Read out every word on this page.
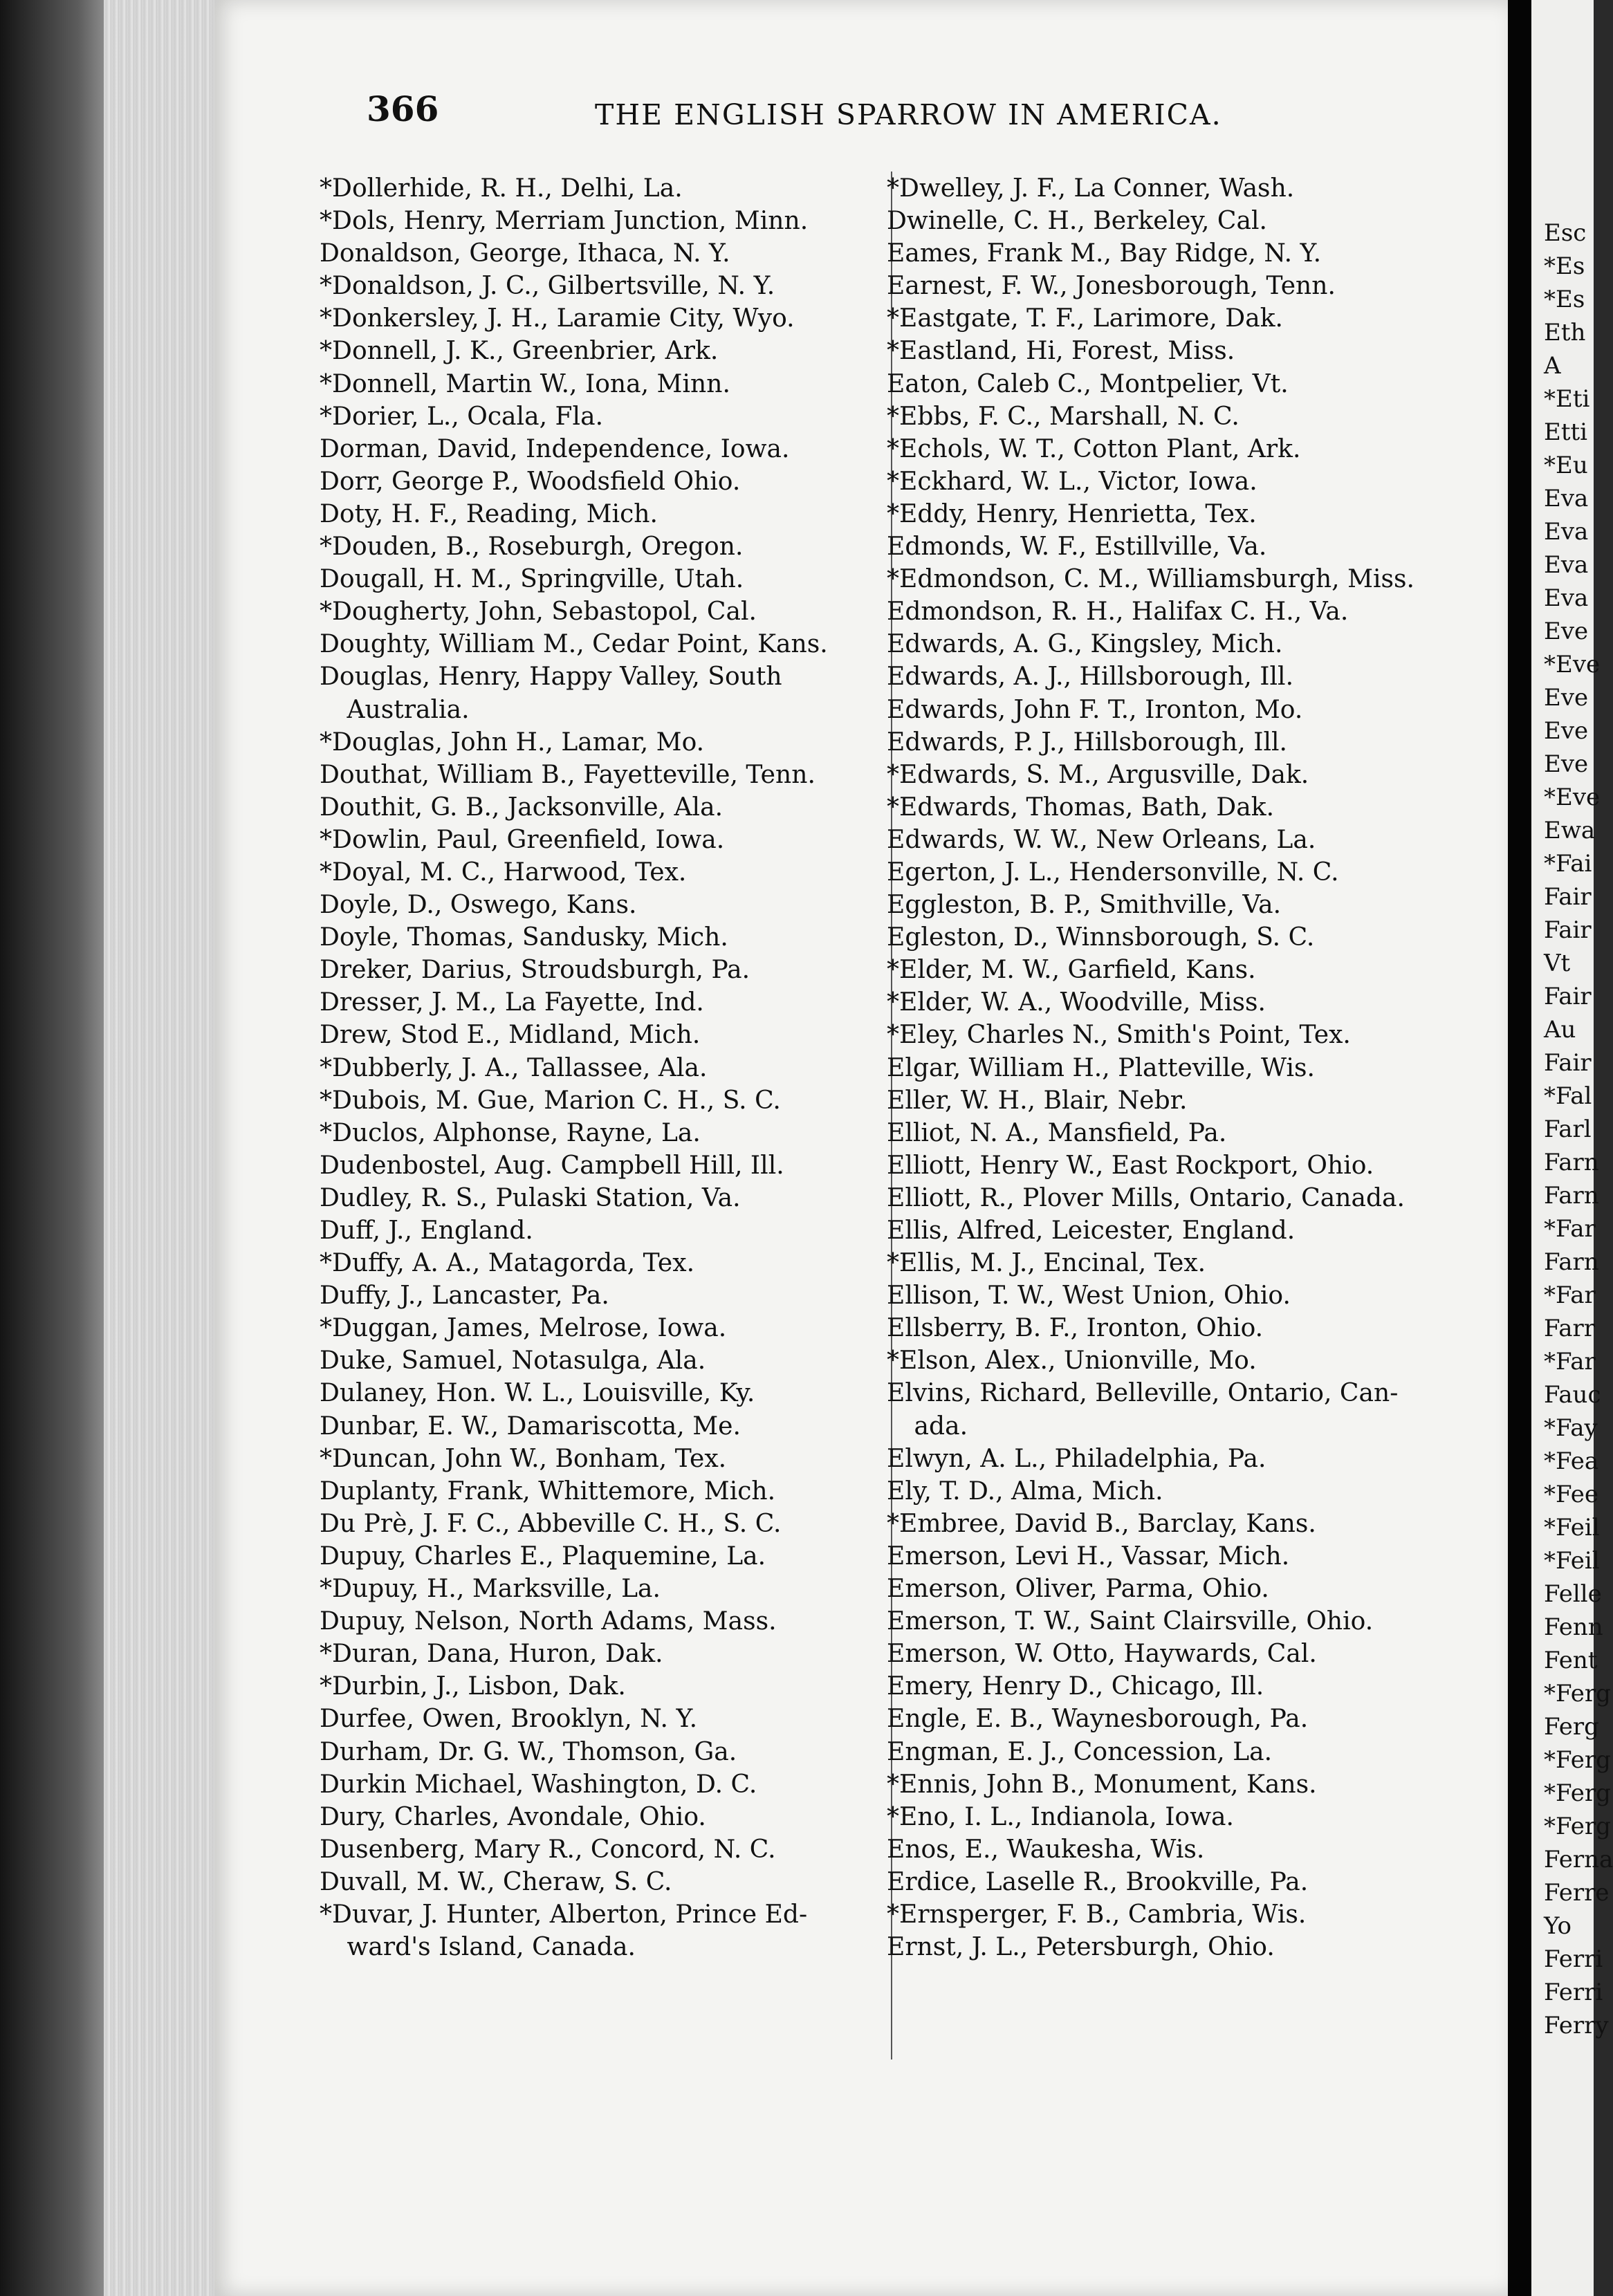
366	THE ENGLISH SPARROW IN AMERICA.
*Dollerhide, R. H., Delhi, La.
*Dols, Henry, Merriam Junction, Minn.
Donaldson, George, Ithaca, N. Y.
*Donaldson, J. C., Gilbertsville, N. Y.
*Donkersley, J. H., Laramie City, Wyo.
*Donnell, J. K., Greenbrier, Ark.
*Donnell, Martin W., Iona, Minn.
*Dorier, L., Ocala, Fla.
Dorman, David, Independence, Iowa.
Dorr, George P., Woodsfield Ohio.
Doty, H. F., Reading, Mich.
*Douden, B., Roseburgh, Oregon.
Dougall, H. M., Springville, Utah.
*Dougherty, John, Sebastopol, Cal.
Doughty, William M., Cedar Point, Kans.
Douglas, Henry, Happy Valley, South
Australia.
*Douglas, John H., Lamar, Mo.
Douthat, William B., Fayetteville, Tenn.
Douthit, G. B., Jacksonville, Ala.
*Dowlin, Paul, Greenfield, Iowa.
*Doyal, M. C., Harwood, Tex.
Doyle, D., Oswego, Kans.
Doyle, Thomas, Sandusky, Mich.
Dreker, Darius, Stroudsburgh, Pa.
Dresser, J. M., La Fayette, Ind.
Drew, Stod E., Midland, Mich.
*Dubberly, J. A., Tallassee, Ala.
*Dubois, M. Gue, Marion C. H., S. C.
*Duclos, Alphonse, Rayne, La.
Dudenbostel, Aug. Campbell Hill, Ill.
Dudley, R. S., Pulaski Station, Va.
Duff, J., England.
*Duffy, A. A., Matagorda, Tex.
Duffy, J., Lancaster, Pa.
*Duggan, James, Melrose, Iowa.
Duke, Samuel, Notasulga, Ala.
Dulaney, Hon. W. L., Louisville, Ky.
Dunbar, E. W., Damariscotta, Me.
*Duncan, John W., Bonham, Tex.
Duplanty, Frank, Whittemore, Mich.
Du Prè, J. F. C., Abbeville C. H., S. C.
Dupuy, Charles E., Plaquemine, La.
*Dupuy, H., Marksville, La.
Dupuy, Nelson, North Adams, Mass.
*Duran, Dana, Huron, Dak.
*Durbin, J., Lisbon, Dak.
Durfee, Owen, Brooklyn, N. Y.
Durham, Dr. G. W., Thomson, Ga.
Durkin Michael, Washington, D. C.
Dury, Charles, Avondale, Ohio.
Dusenberg, Mary R., Concord, N. C.
Duvall, M. W., Cheraw, S. C.
*Duvar, J. Hunter, Alberton, Prince Ed-
ward's Island, Canada.
*Dwelley, J. F., La Conner, Wash.
Dwinelle, C. H., Berkeley, Cal.
Eames, Frank M., Bay Ridge, N. Y.
Earnest, F. W., Jonesborough, Tenn.
*Eastgate, T. F., Larimore, Dak.
*Eastland, Hi, Forest, Miss.
Eaton, Caleb C., Montpelier, Vt.
*Ebbs, F. C., Marshall, N. C.
*Echols, W. T., Cotton Plant, Ark.
*Eckhard, W. L., Victor, Iowa.
*Eddy, Henry, Henrietta, Tex.
Edmonds, W. F., Estillville, Va.
*Edmondson, C. M., Williamsburgh, Miss.
Edmondson, R. H., Halifax C. H., Va.
Edwards, A. G., Kingsley, Mich.
Edwards, A. J., Hillsborough, Ill.
Edwards, John F. T., Ironton, Mo.
Edwards, P. J., Hillsborough, Ill.
*Edwards, S. M., Argusville, Dak.
*Edwards, Thomas, Bath, Dak.
Edwards, W. W., New Orleans, La.
Egerton, J. L., Hendersonville, N. C.
Eggleston, B. P., Smithville, Va.
Egleston, D., Winnsborough, S. C.
*Elder, M. W., Garfield, Kans.
*Elder, W. A., Woodville, Miss.
*Eley, Charles N., Smith's Point, Tex.
Elgar, William H., Platteville, Wis.
Eller, W. H., Blair, Nebr.
Elliot, N. A., Mansfield, Pa.
Elliott, Henry W., East Rockport, Ohio.
Elliott, R., Plover Mills, Ontario, Canada.
Ellis, Alfred, Leicester, England.
*Ellis, M. J., Encinal, Tex.
Ellison, T. W., West Union, Ohio.
Ellsberry, B. F., Ironton, Ohio.
*Elson, Alex., Unionville, Mo.
Elvins, Richard, Belleville, Ontario, Can-
ada.
Elwyn, A. L., Philadelphia, Pa.
Ely, T. D., Alma, Mich.
*Embree, David B., Barclay, Kans.
Emerson, Levi H., Vassar, Mich.
Emerson, Oliver, Parma, Ohio.
Emerson, T. W., Saint Clairsville, Ohio.
Emerson, W. Otto, Haywards, Cal.
Emery, Henry D., Chicago, Ill.
Engle, E. B., Waynesborough, Pa.
Engman, E. J., Concession, La.
*Ennis, John B., Monument, Kans.
*Eno, I. L., Indianola, Iowa.
Enos, E., Waukesha, Wis.
Erdice, Laselle R., Brookville, Pa.
*Ernsperger, F. B., Cambria, Wis.
Ernst, J. L., Petersburgh, Ohio.
Esc
*Es
*Es
Eth
A
*Eti
Etti
*Eu
Eva
Eva
Eva
Eva
Eve
*Eve
Eve
Eve
Eve
*Eve
Ewa
*Fai
Fair
Fair
Vt
Fair
Au
Fair
*Fal
Farl
Farn
Farn
*Far
Farn
*Far
Farr
*Far
Fauc
*Fay
*Fea
*Fee
*Feil
*Feil
Felle
Fenn
Fent
*Ferg
Ferg
*Ferg
*Ferg
*Ferg
Ferna
Ferre
Yo
Ferri
Ferri
Ferry
